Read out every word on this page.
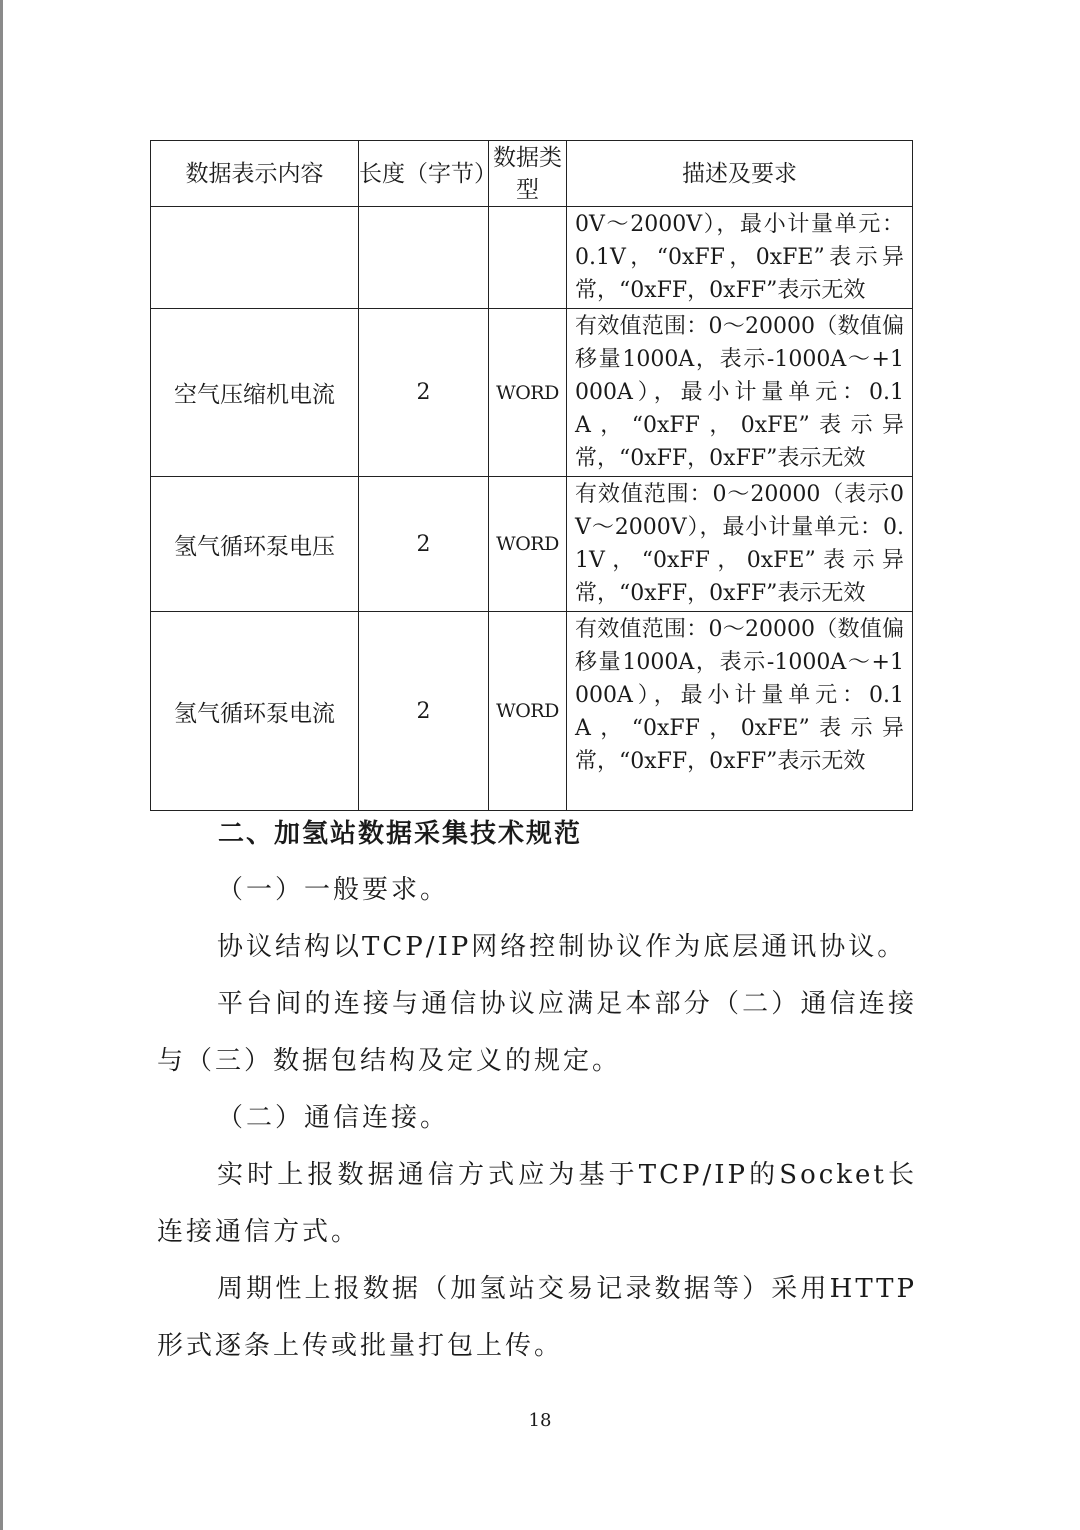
数据表示内容	长度（字节）	数据类型	描述及要求
			0V～2000V），最小计量单元：0.1V，“0xFF，0xFE”表示异常，“0xFF，0xFF”表示无效
空气压缩机电流	2	WORD	有效值范围：0～20000（数值偏移量1000A，表示-1000A～+1000A），最小计量单元：0.1A，“0xFF，0xFE”表示异常，“0xFF，0xFF”表示无效
氢气循环泵电压	2	WORD	有效值范围：0～20000（表示0V～2000V），最小计量单元：0.1V，“0xFF，0xFE”表示异常，“0xFF，0xFF”表示无效
氢气循环泵电流	2	WORD	有效值范围：0～20000（数值偏移量1000A，表示-1000A～+1000A），最小计量单元：0.1A，“0xFF，0xFE”表示异常，“0xFF，0xFF”表示无效
二、加氢站数据采集技术规范

（一）一般要求。

协议结构以TCP/IP网络控制协议作为底层通讯协议。

平台间的连接与通信协议应满足本部分（二）通信连接与（三）数据包结构及定义的规定。

（二）通信连接。

实时上报数据通信方式应为基于TCP/IP的Socket长连接通信方式。

周期性上报数据（加氢站交易记录数据等）采用HTTP形式逐条上传或批量打包上传。

18
